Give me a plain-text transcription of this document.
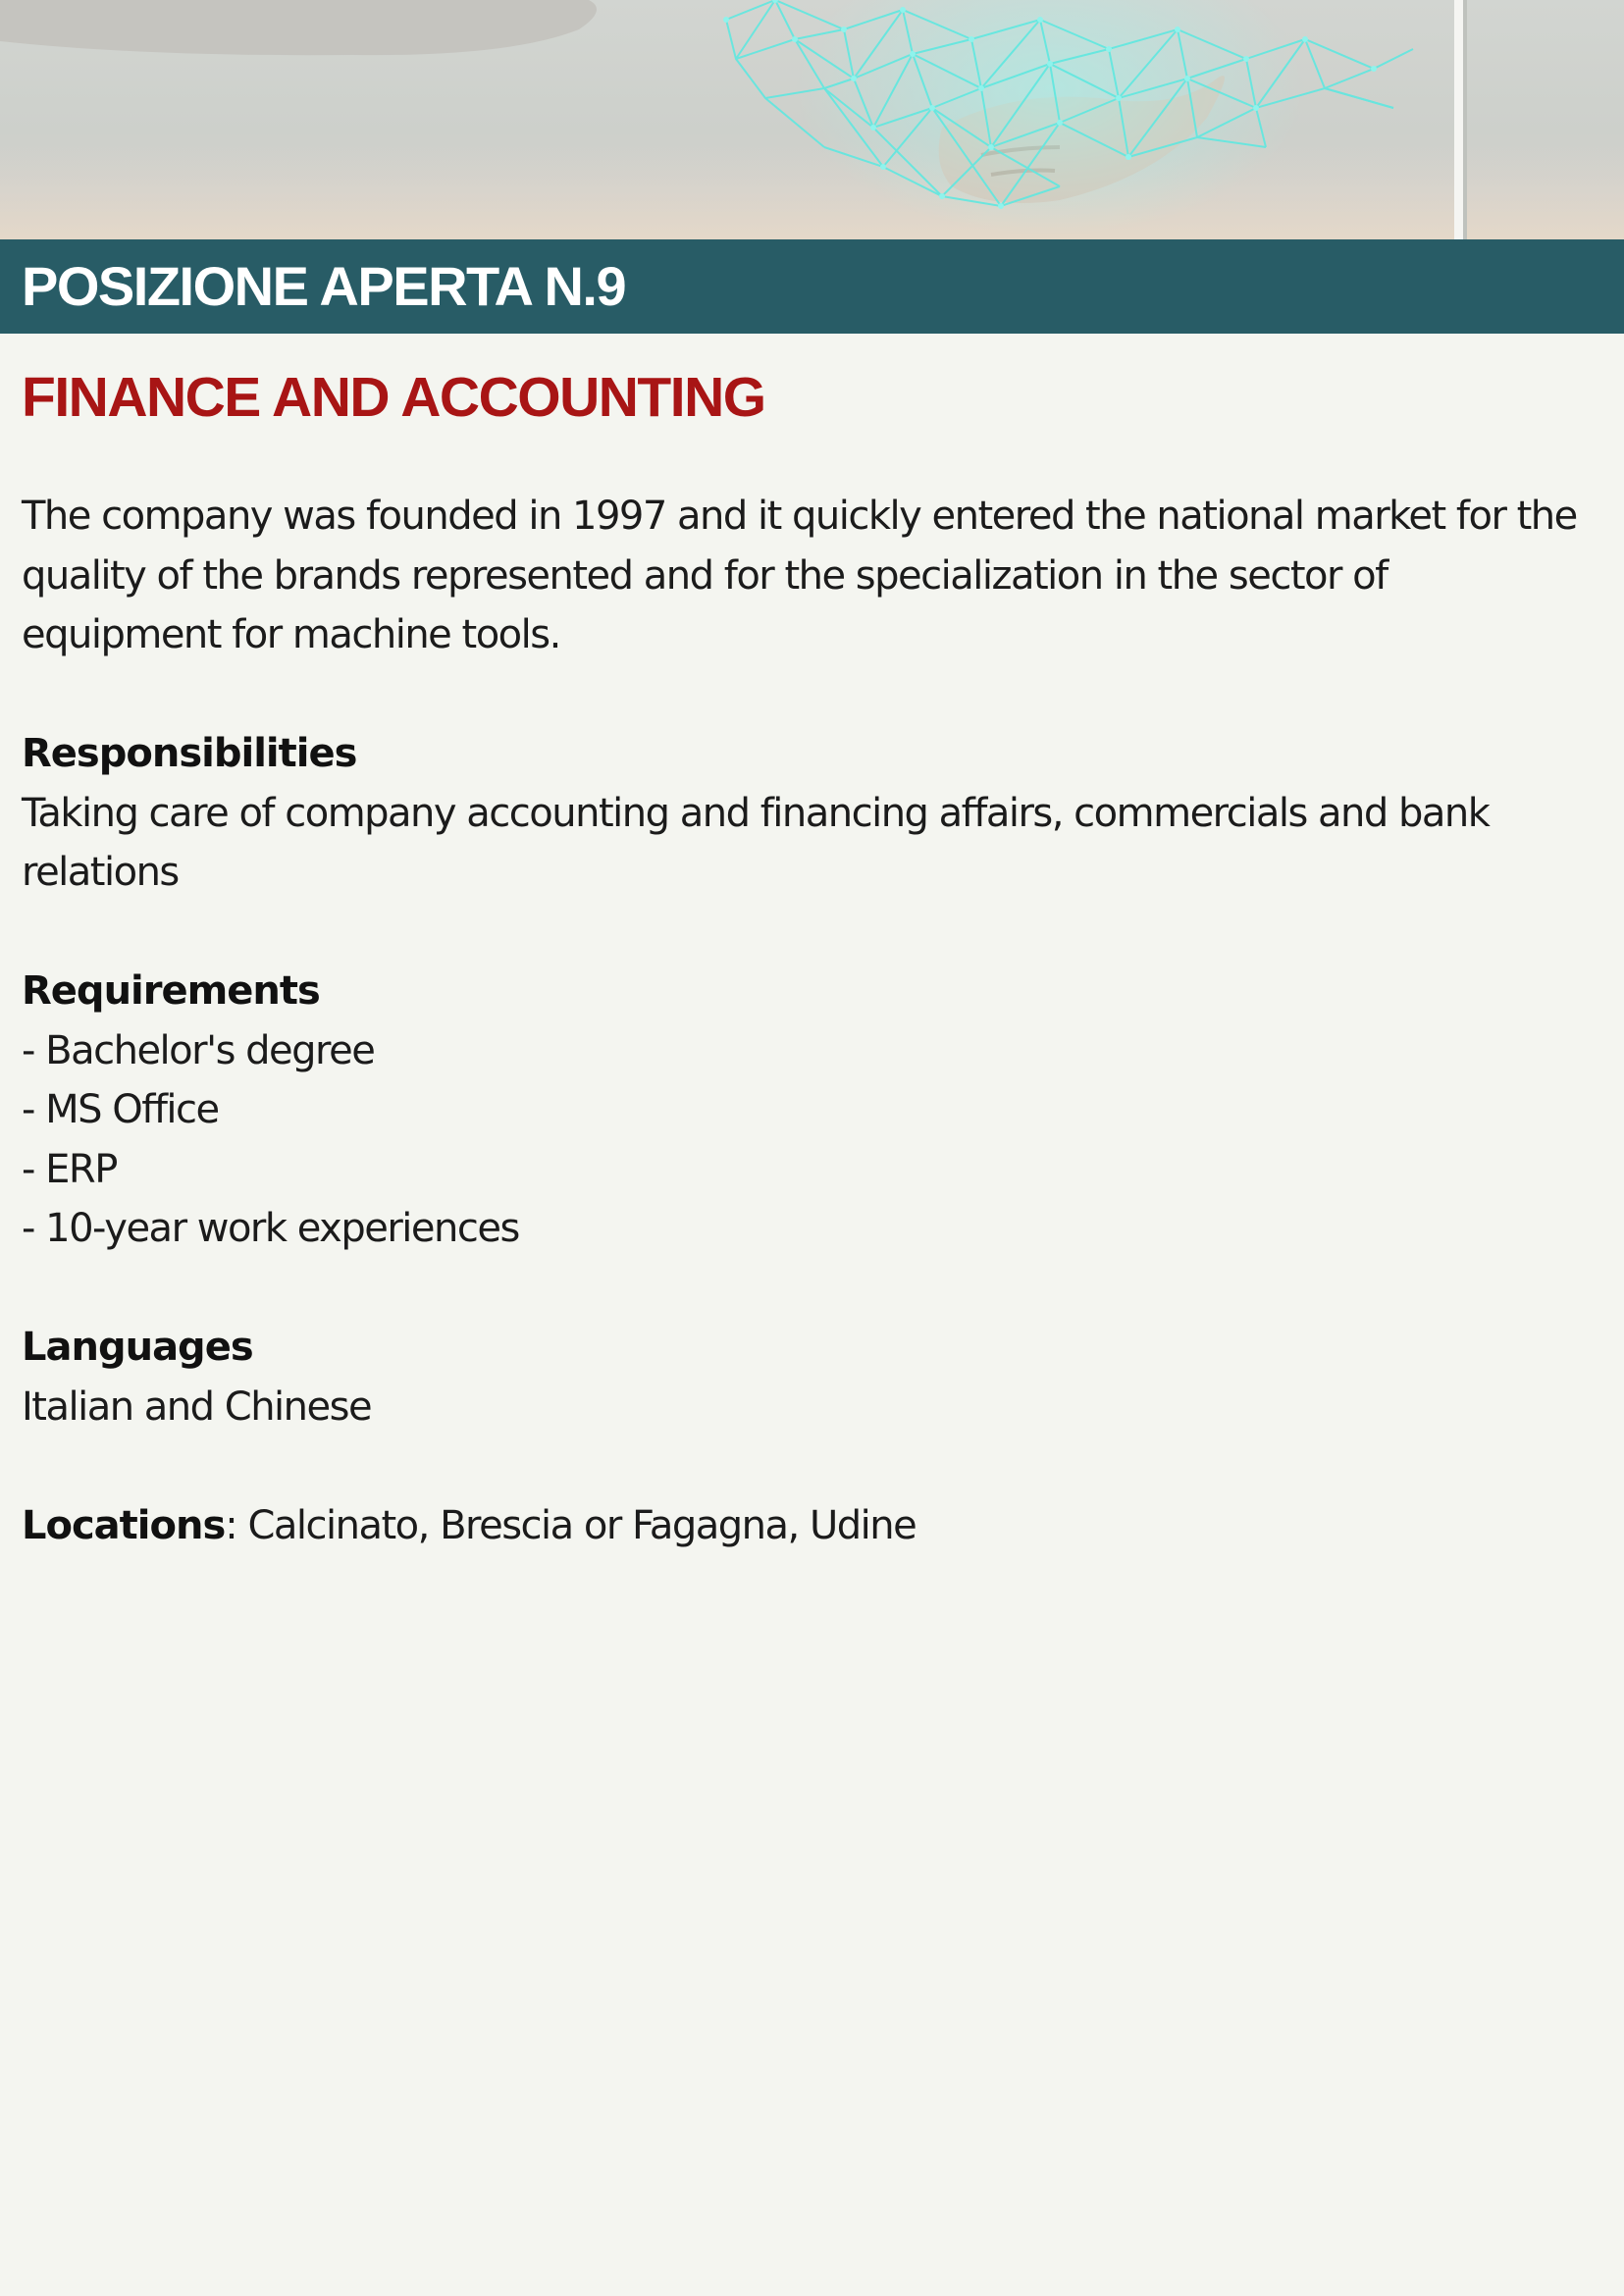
POSIZIONE APERTA N.9
FINANCE AND ACCOUNTING

The company was founded in 1997 and it quickly entered the national market for the quality of the brands represented and for the specialization in the sector of equipment for machine tools.

Responsibilities

Taking care of company accounting and financing affairs, commercials and bank relations

Requirements

- Bachelor's degree
- MS Office
- ERP
- 10-year work experiences

Languages

Italian and Chinese

Locations: Calcinato, Brescia or Fagagna, Udine
